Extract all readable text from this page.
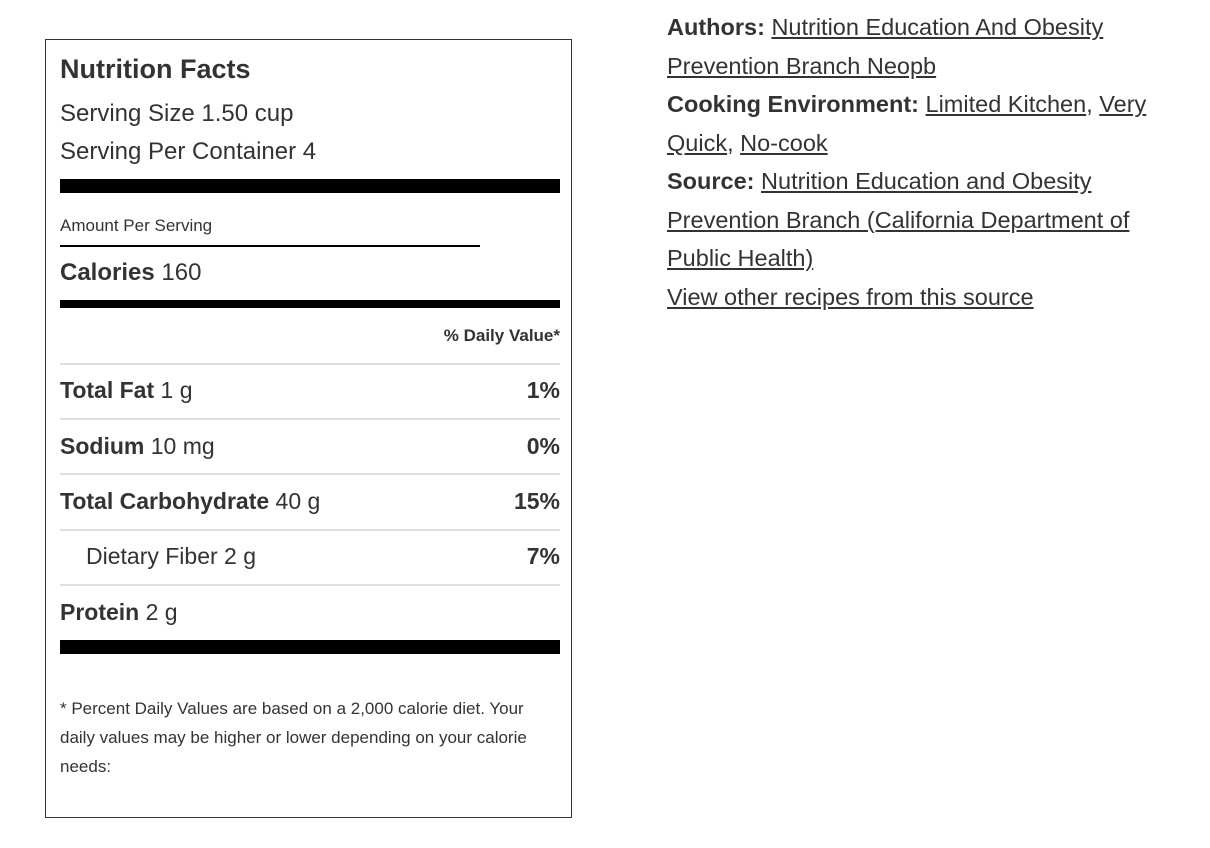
Nutrition Facts
Serving Size 1.50 cup
Serving Per Container 4
Amount Per Serving
Calories 160
% Daily Value*
Total Fat 1 g	1%
Sodium 10 mg	0%
Total Carbohydrate 40 g	15%
Dietary Fiber 2 g	7%
Protein 2 g
* Percent Daily Values are based on a 2,000 calorie diet. Your daily values may be higher or lower depending on your calorie needs:

Authors: Nutrition Education And Obesity Prevention Branch Neopb

Cooking Environment: Limited Kitchen, Very Quick, No-cook

Source: Nutrition Education and Obesity Prevention Branch (California Department of Public Health)

View other recipes from this source
